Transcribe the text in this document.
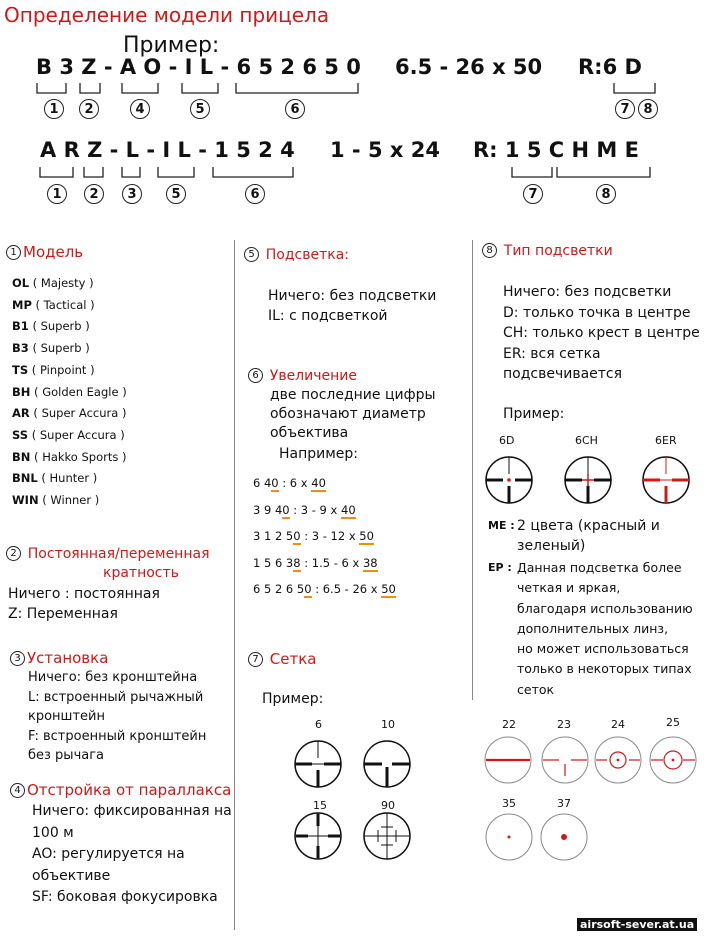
Определение модели прицела
Пример:
B 3 Z - A O - I L - 6 5 2 6 5 0 6.5 - 26 x 50 R:6 D
1	2	4	5	6	7	8
A R Z - L - I L - 1 5 2 4 1 - 5 x 24 R: 1 5 C H M E
1	2	3	5	6	7	8
1 Модель
OL ( Majesty )
MP ( Tactical )
B1 ( Superb )
B3 ( Superb )
TS ( Pinpoint )
BH ( Golden Eagle )
AR ( Super Accura )
SS ( Super Accura )
BN ( Hakko Sports )
BNL ( Hunter )
WIN ( Winner )
2 Постоянная/переменная
кратность
Ничего : постоянная
Z: Переменная
3 Установка
Ничего: без кронштейна
L: встроенный рычажный
кронштейн
F: встроенный кронштейн
без рычага
4 Отстройка от параллакса
Ничего: фиксированная на
100 м
AO: регулируется на
объективе
SF: боковая фокусировка
5 Подсветка:
Ничего: без подсветки
IL: с подсветкой
6 Увеличение
две последние цифры
обозначают диаметр
объектива
Например:
6 40 : 6 x 40
3 9 40 : 3 - 9 x 40
3 1 2 50 : 3 - 12 x 50
1 5 6 38 : 1.5 - 6 x 38
6 5 2 6 50 : 6.5 - 26 x 50
7 Сетка
Пример:
6	10
15	90
8 Тип подсветки
Ничего: без подсветки
D: только точка в центре
CH: только крест в центре
ER: вся сетка
подсвечивается
Пример:
6D	6CH	6ER
ME : 2 цвета (красный и
зеленый)
EP : Данная подсветка более
четкая и яркая,
благодаря использованию
дополнительных линз,
но может использоваться
только в некоторых типах
сеток
22	23	24	25
35	37
airsoft-sever.at.ua
